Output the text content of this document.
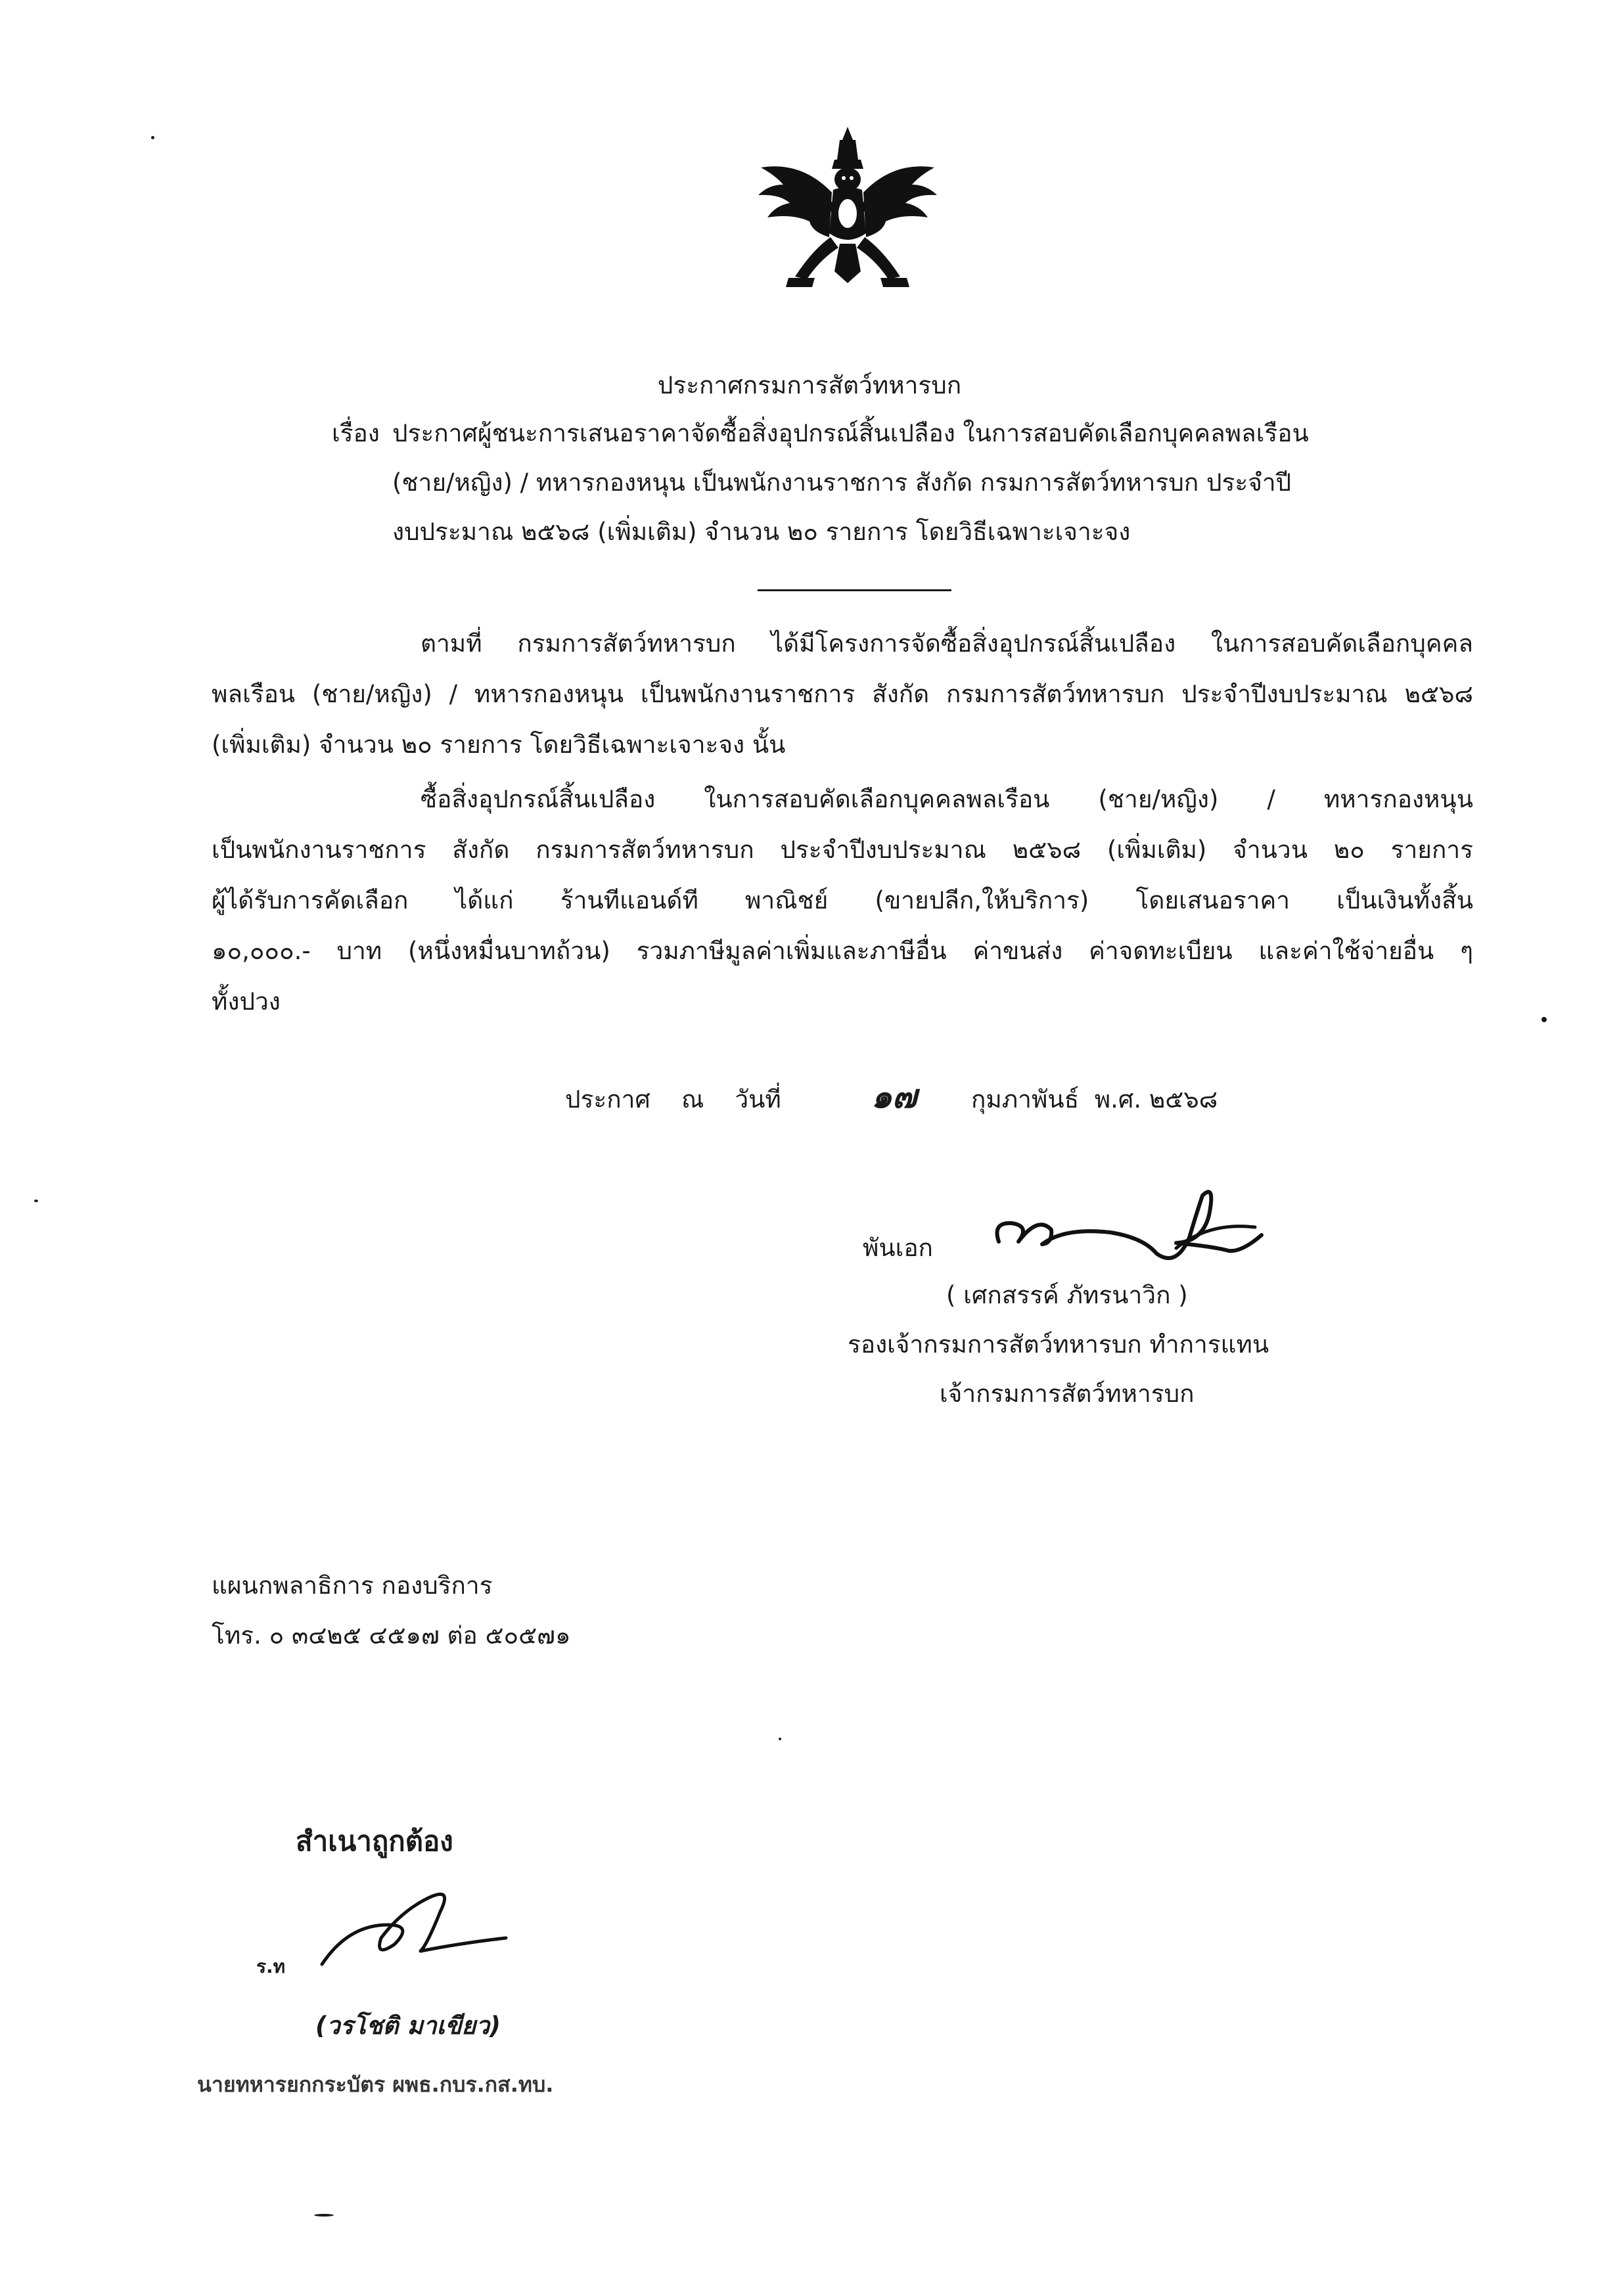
ประกาศกรมการสัตว์ทหารบก
เรื่อง ประกาศผู้ชนะการเสนอราคาจัดซื้อสิ่งอุปกรณ์สิ้นเปลือง ในการสอบคัดเลือกบุคคลพลเรือน
(ชาย/หญิง) / ทหารกองหนุน เป็นพนักงานราชการ สังกัด กรมการสัตว์ทหารบก ประจำปี
งบประมาณ ๒๕๖๘ (เพิ่มเติม) จำนวน ๒๐ รายการ โดยวิธีเฉพาะเจาะจง
ตามที่ กรมการสัตว์ทหารบก ได้มีโครงการจัดซื้อสิ่งอุปกรณ์สิ้นเปลือง ในการสอบคัดเลือกบุคคล
พลเรือน (ชาย/หญิง) / ทหารกองหนุน เป็นพนักงานราชการ สังกัด กรมการสัตว์ทหารบก ประจำปีงบประมาณ ๒๕๖๘
(เพิ่มเติม) จำนวน ๒๐ รายการ โดยวิธีเฉพาะเจาะจง นั้น
ซื้อสิ่งอุปกรณ์สิ้นเปลือง ในการสอบคัดเลือกบุคคลพลเรือน (ชาย/หญิง) / ทหารกองหนุน
เป็นพนักงานราชการ สังกัด กรมการสัตว์ทหารบก ประจำปีงบประมาณ ๒๕๖๘ (เพิ่มเติม) จำนวน ๒๐ รายการ
ผู้ได้รับการคัดเลือก ได้แก่ ร้านทีแอนด์ที พาณิชย์ (ขายปลีก,ให้บริการ) โดยเสนอราคา เป็นเงินทั้งสิ้น
๑๐,๐๐๐.- บาท (หนึ่งหมื่นบาทถ้วน) รวมภาษีมูลค่าเพิ่มและภาษีอื่น ค่าขนส่ง ค่าจดทะเบียน และค่าใช้จ่ายอื่น ๆ
ทั้งปวง
ประกาศ    ณ    วันที่	๑๗ กุมภาพันธ์  พ.ศ. ๒๕๖๘
พันเอก
( เศกสรรค์ ภัทรนาวิก )
รองเจ้ากรมการสัตว์ทหารบก ทำการแทน
เจ้ากรมการสัตว์ทหารบก
แผนกพลาธิการ กองบริการ
โทร. ๐ ๓๔๒๕ ๔๕๑๗ ต่อ ๕๐๕๗๑
สำเนาถูกต้อง
ร.ท
(วรโชติ มาเขียว)
นายทหารยกกระบัตร ผพธ.กบร.กส.ทบ.
